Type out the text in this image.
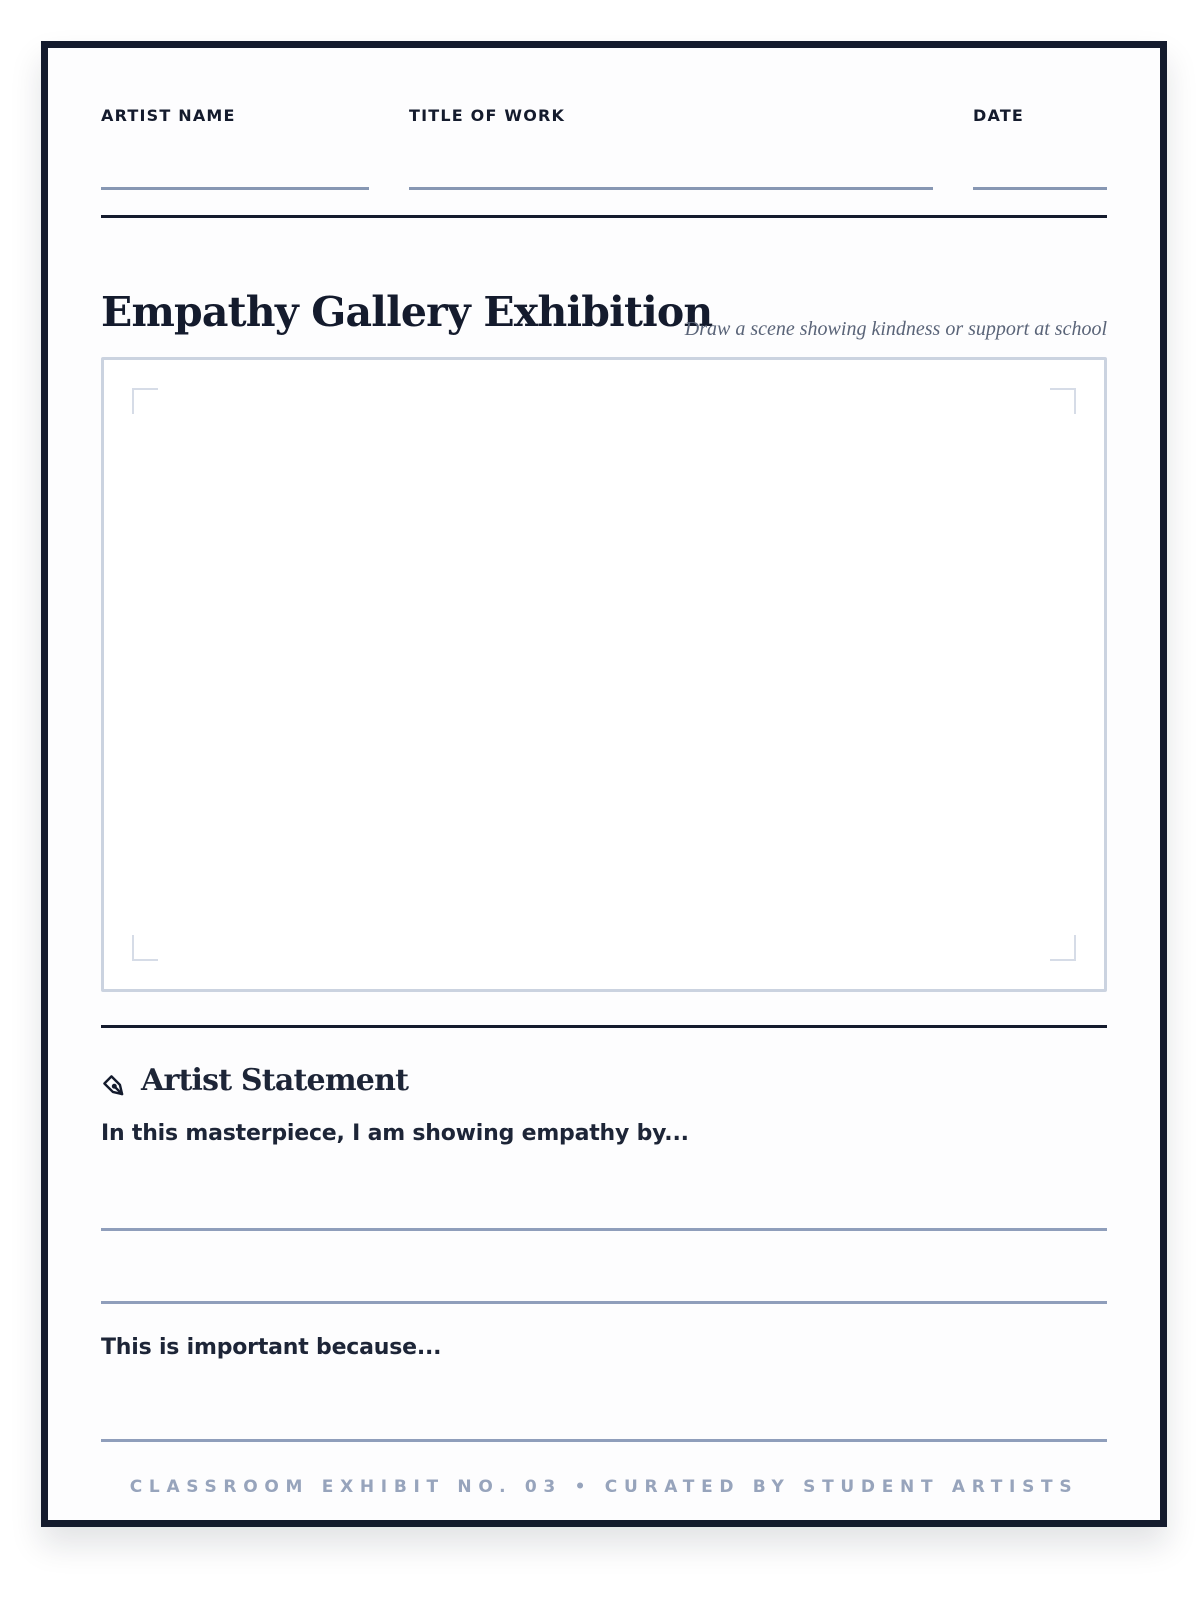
ARTIST NAME	TITLE OF WORK	DATE
Empathy Gallery Exhibition
Draw a scene showing kindness or support at school
Artist Statement
In this masterpiece, I am showing empathy by...
This is important because...
CLASSROOM EXHIBIT NO. 03 • CURATED BY STUDENT ARTISTS
